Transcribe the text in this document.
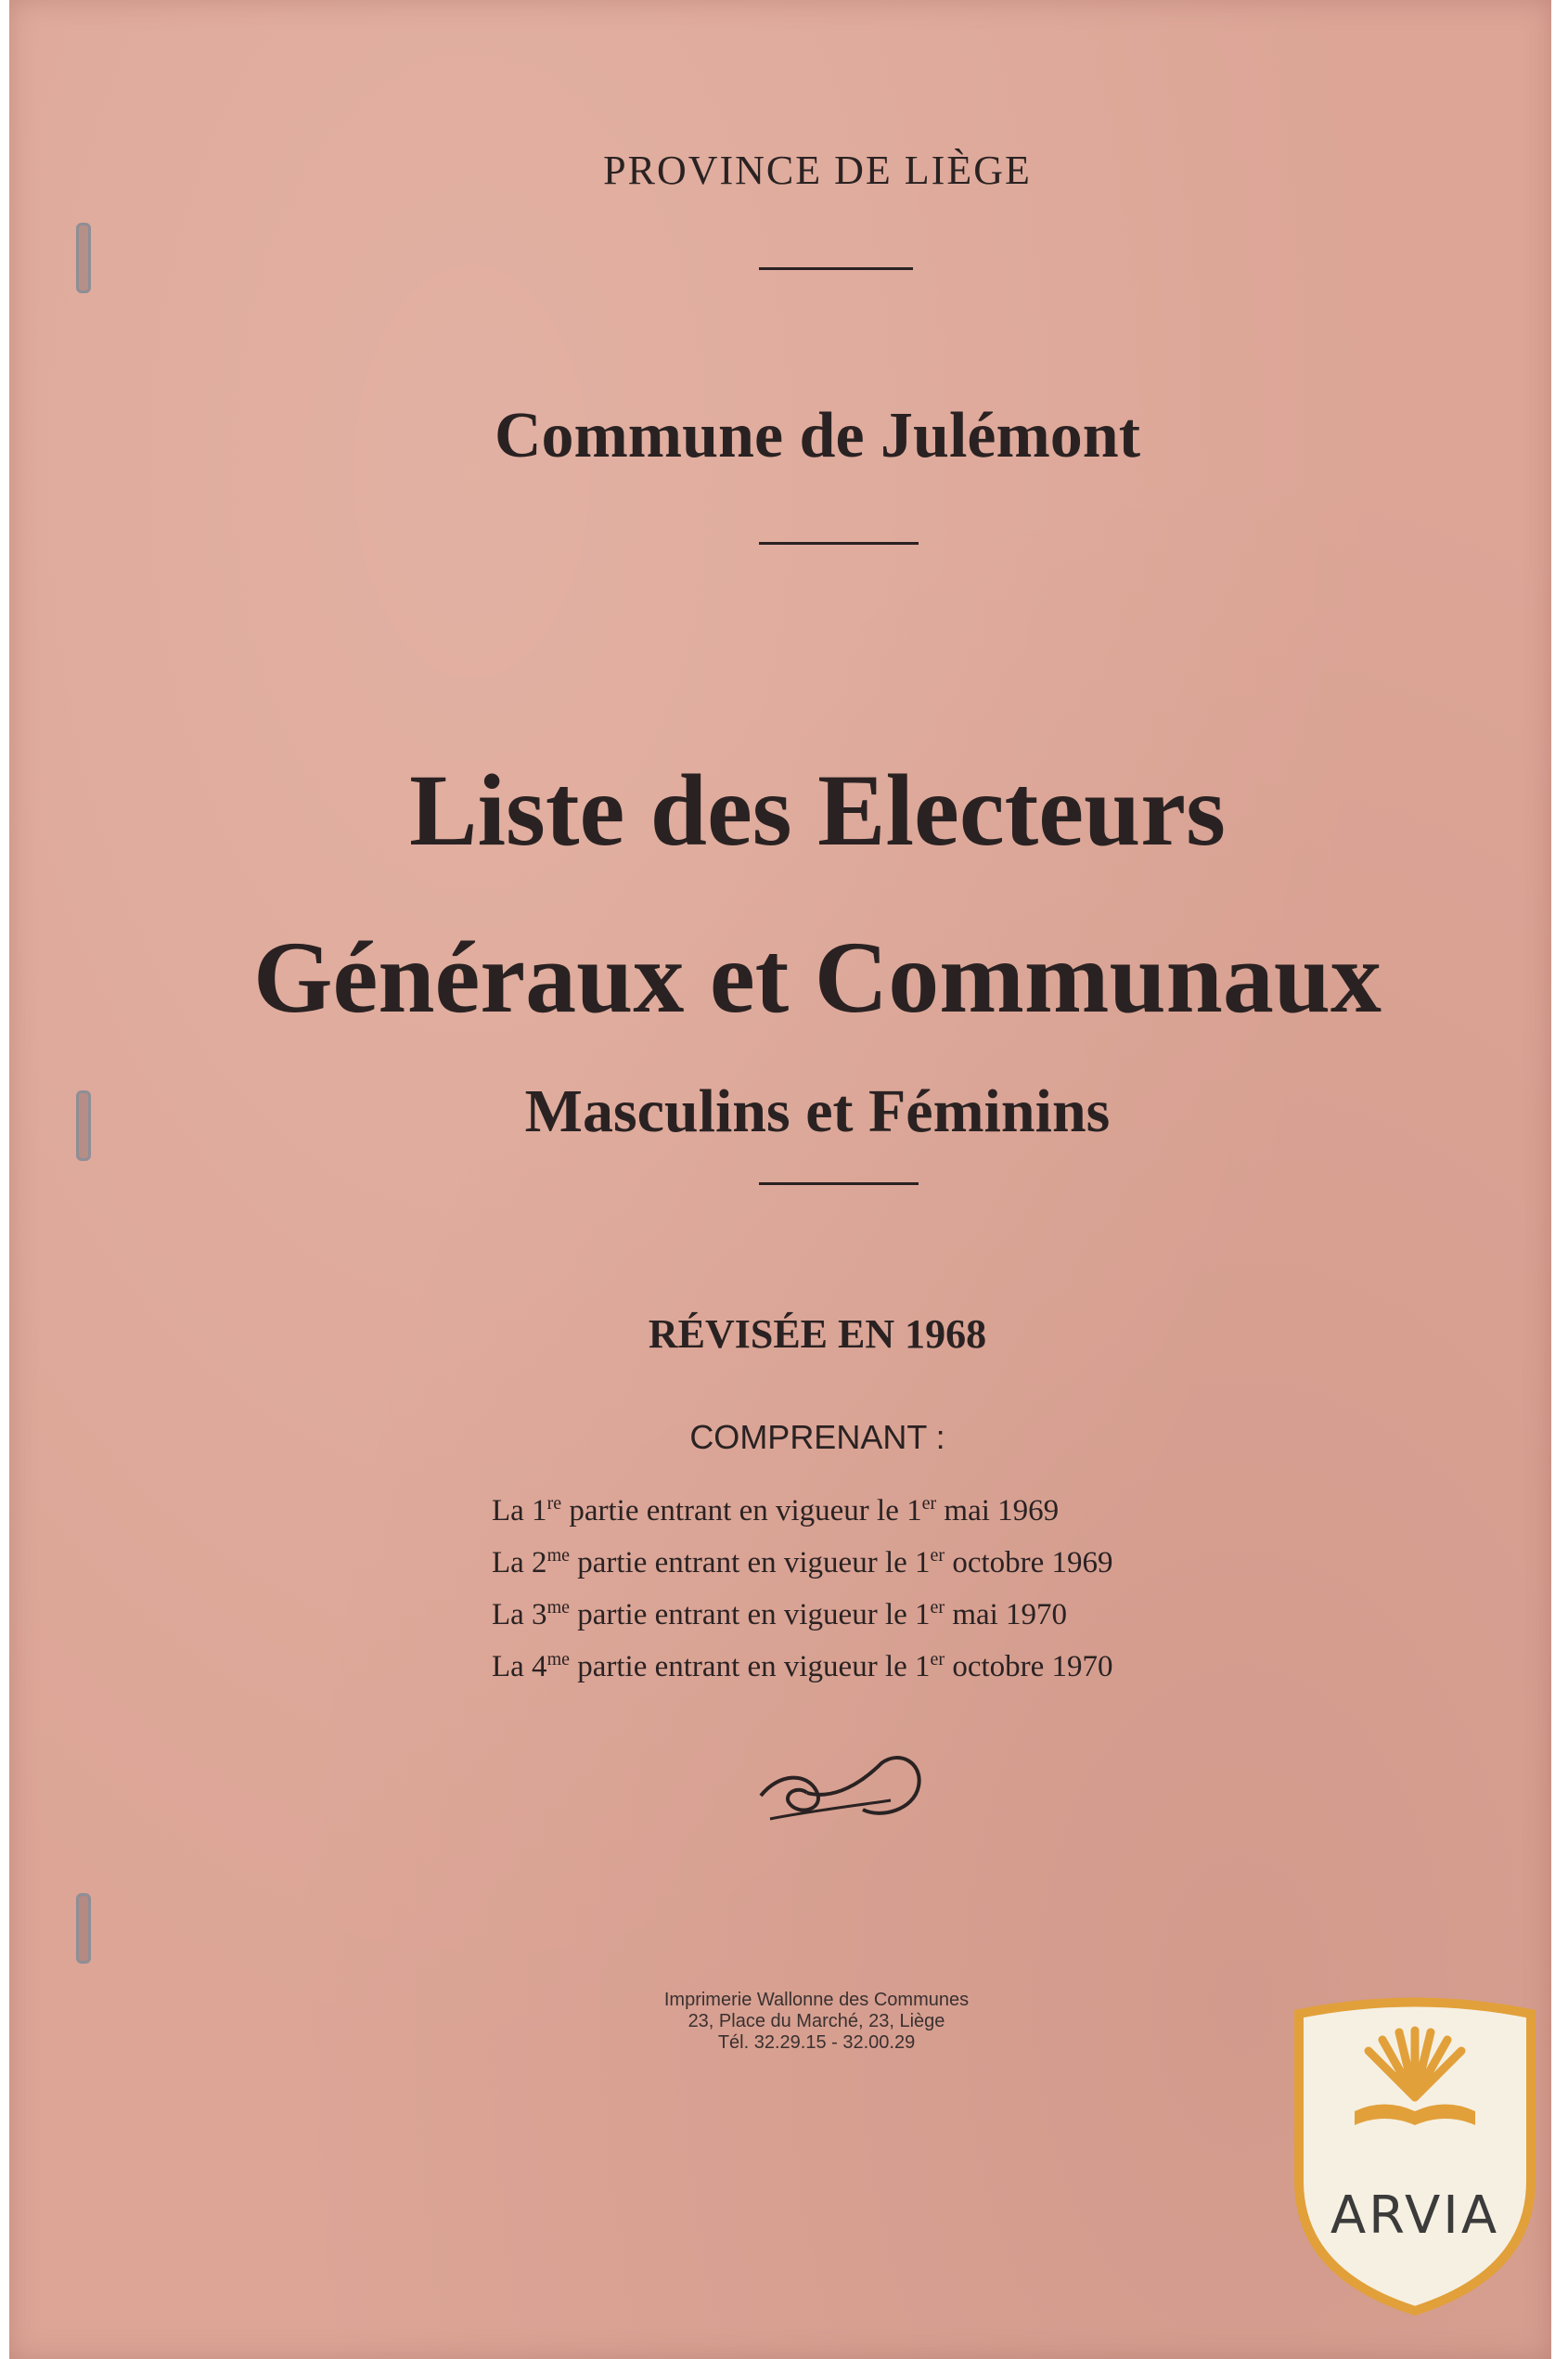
PROVINCE DE LIÈGE

Commune de Julémont

Liste des Electeurs

Généraux et Communaux

Masculins et Féminins

RÉVISÉE EN 1968

COMPRENANT :

La 1re partie entrant en vigueur le 1er mai 1969
La $2^{me}$ partie entrant en vigueur le 1er octobre 1969
La $3^{me}$ partie entrant en vigueur le 1er mai 1970
La $4^{me}$ partie entrant en vigueur le 1er octobre 1970
Imprimerie Wallonne des Communes
23, Place du Marché, 23, Liège
Tél. 32.29.15 - 32.00.29
ARVIA
